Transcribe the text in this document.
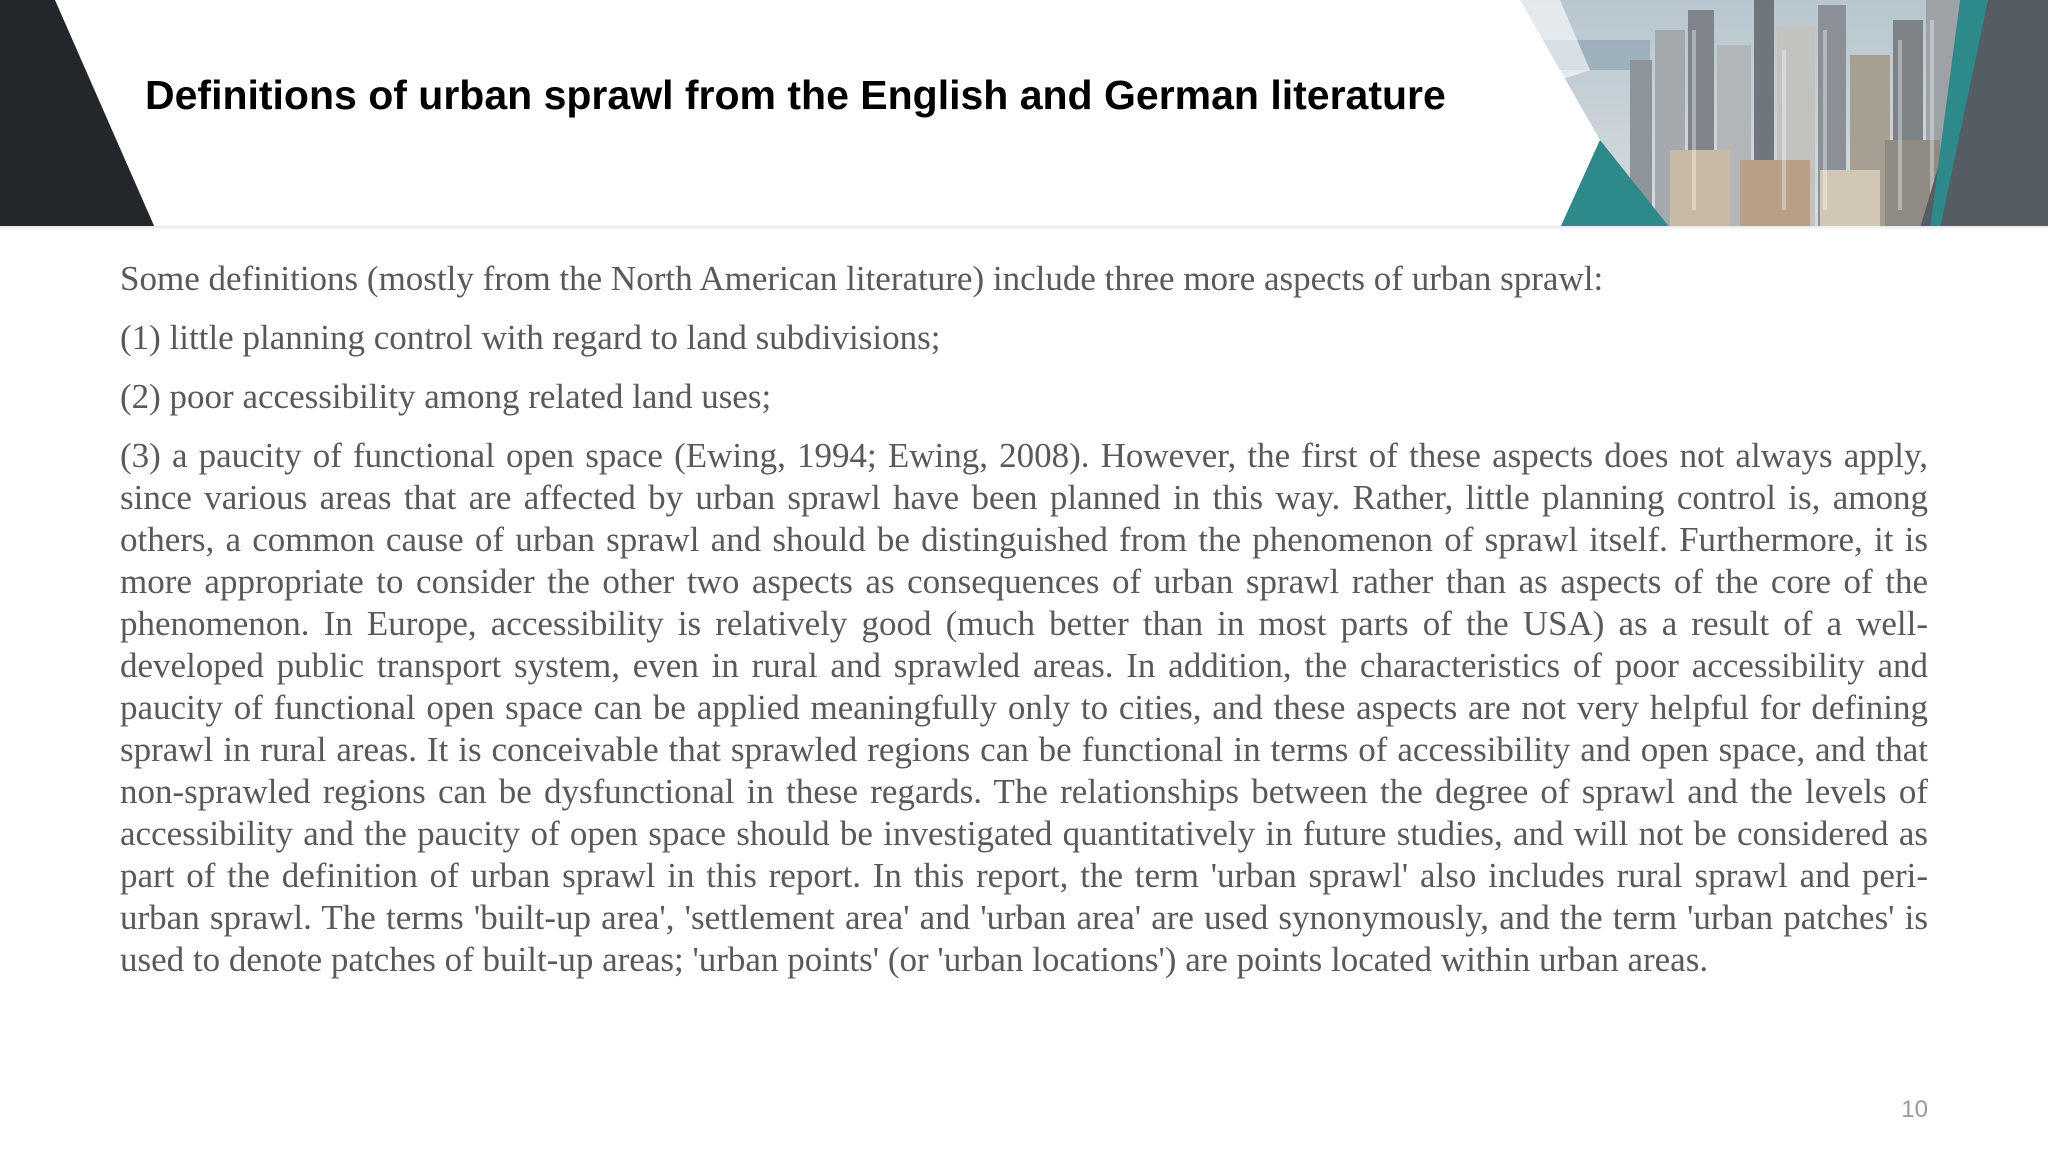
Definitions of urban sprawl from the English and German literature

Some definitions (mostly from the North American literature) include three more aspects of urban sprawl:

(1) little planning control with regard to land subdivisions;

(2) poor accessibility among related land uses;

(3) a paucity of functional open space (Ewing, 1994; Ewing, 2008). However, the first of these aspects does not always apply, since various areas that are affected by urban sprawl have been planned in this way. Rather, little planning control is, among others, a common cause of urban sprawl and should be distinguished from the phenomenon of sprawl itself. Furthermore, it is more appropriate to consider the other two aspects as consequences of urban sprawl rather than as aspects of the core of the phenomenon. In Europe, accessibility is relatively good (much better than in most parts of the USA) as a result of a well-developed public transport system, even in rural and sprawled areas. In addition, the characteristics of poor accessibility and paucity of functional open space can be applied meaningfully only to cities, and these aspects are not very helpful for defining sprawl in rural areas. It is conceivable that sprawled regions can be functional in terms of accessibility and open space, and that non-sprawled regions can be dysfunctional in these regards. The relationships between the degree of sprawl and the levels of accessibility and the paucity of open space should be investigated quantitatively in future studies, and will not be considered as part of the definition of urban sprawl in this report. In this report, the term 'urban sprawl' also includes rural sprawl and peri-urban sprawl. The terms 'built-up area', 'settlement area' and 'urban area' are used synonymously, and the term 'urban patches' is used to denote patches of built-up areas; 'urban points' (or 'urban locations') are points located within urban areas.

10
